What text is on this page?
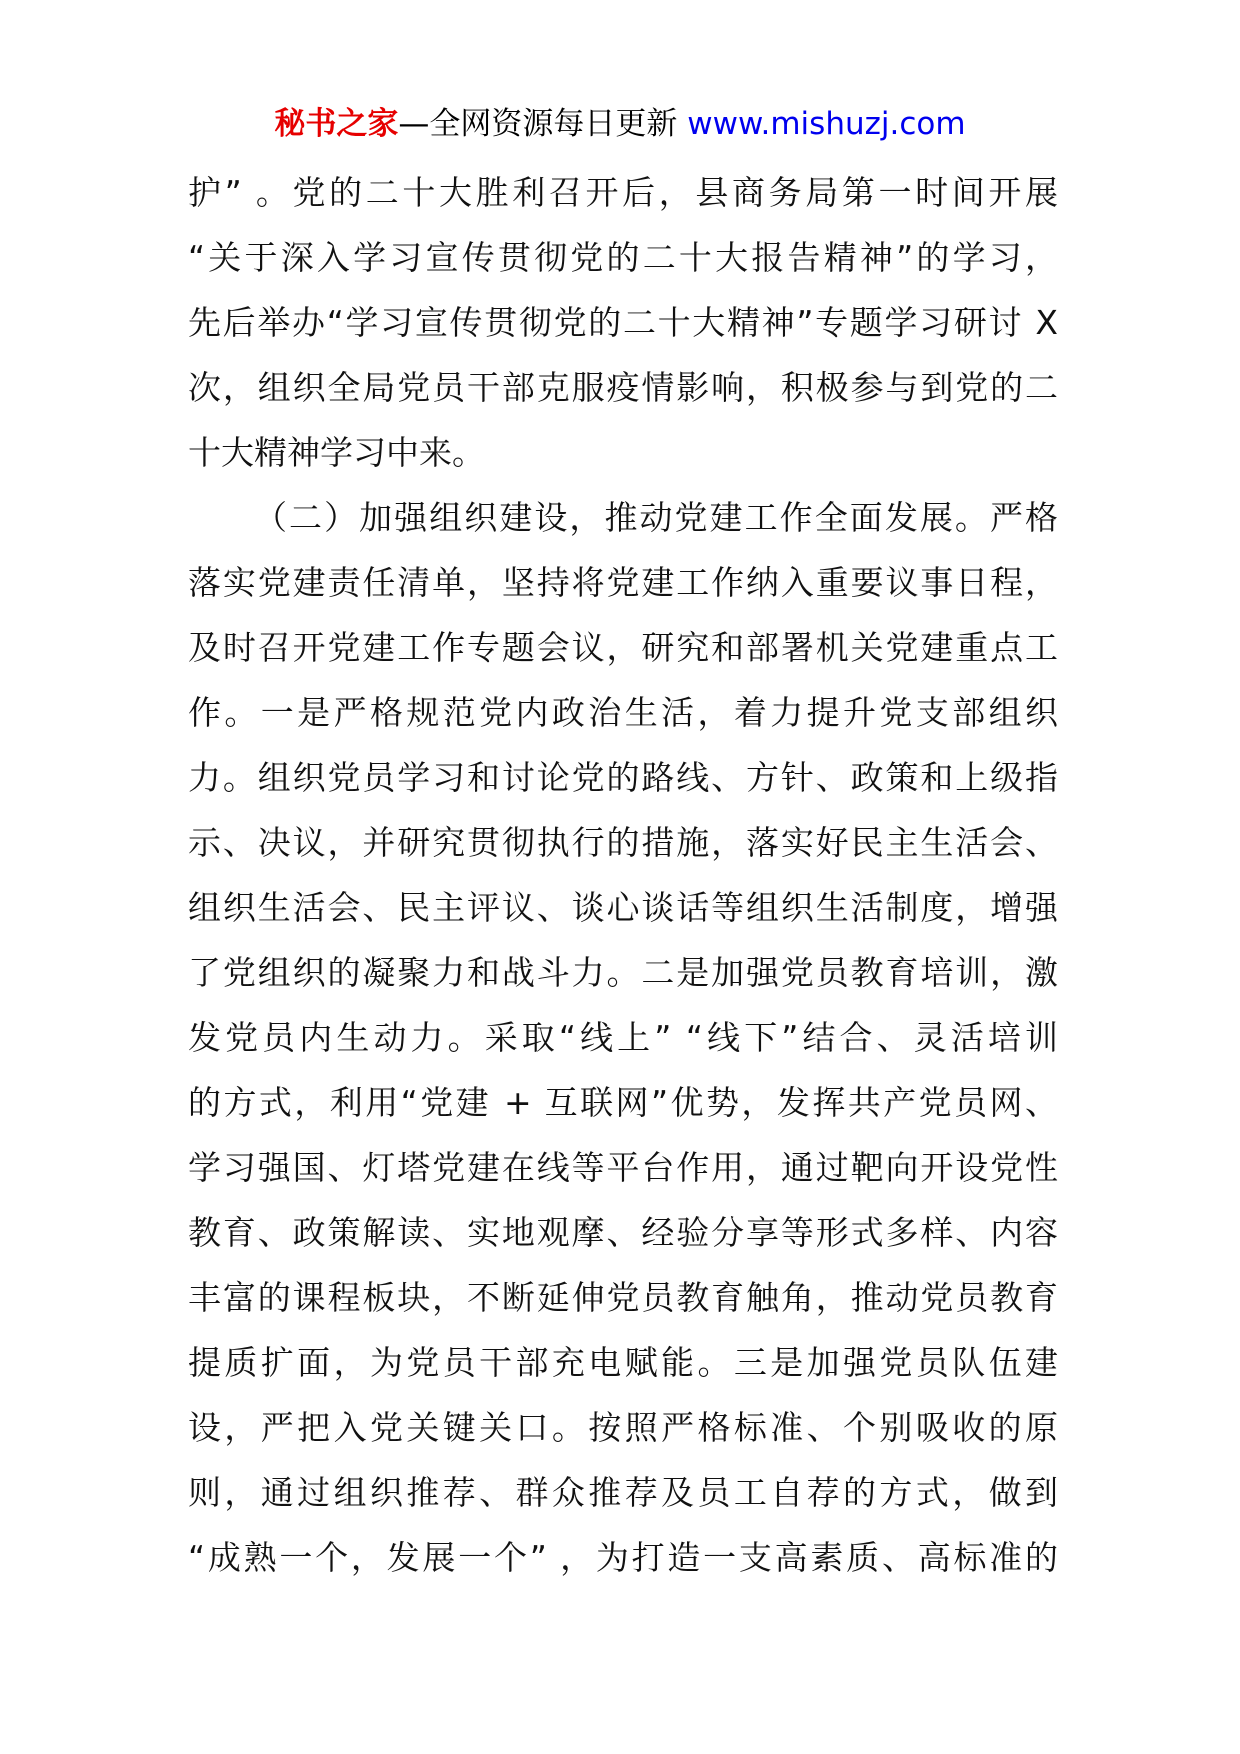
秘书之家—全网资源每日更新 www.mishuzj.com
护” 。党的二十大胜利召开后，县商务局第一时间开展
“关于深入学习宣传贯彻党的二十大报告精神”的学习，
先后举办“学习宣传贯彻党的二十大精神”专题学习研讨 X
次，组织全局党员干部克服疫情影响，积极参与到党的二
十大精神学习中来。
（二）加强组织建设，推动党建工作全面发展。严格
落实党建责任清单，坚持将党建工作纳入重要议事日程，
及时召开党建工作专题会议，研究和部署机关党建重点工
作。一是严格规范党内政治生活，着力提升党支部组织
力。组织党员学习和讨论党的路线、方针、政策和上级指
示、决议，并研究贯彻执行的措施，落实好民主生活会、
组织生活会、民主评议、谈心谈话等组织生活制度，增强
了党组织的凝聚力和战斗力。二是加强党员教育培训，激
发党员内生动力。采取“线上” “线下”结合、灵活培训
的方式，利用“党建 + 互联网”优势，发挥共产党员网、
学习强国、灯塔党建在线等平台作用，通过靶向开设党性
教育、政策解读、实地观摩、经验分享等形式多样、内容
丰富的课程板块，不断延伸党员教育触角，推动党员教育
提质扩面，为党员干部充电赋能。三是加强党员队伍建
设，严把入党关键关口。按照严格标准、个别吸收的原
则，通过组织推荐、群众推荐及员工自荐的方式，做到
“成熟一个，发展一个” ，为打造一支高素质、高标准的
